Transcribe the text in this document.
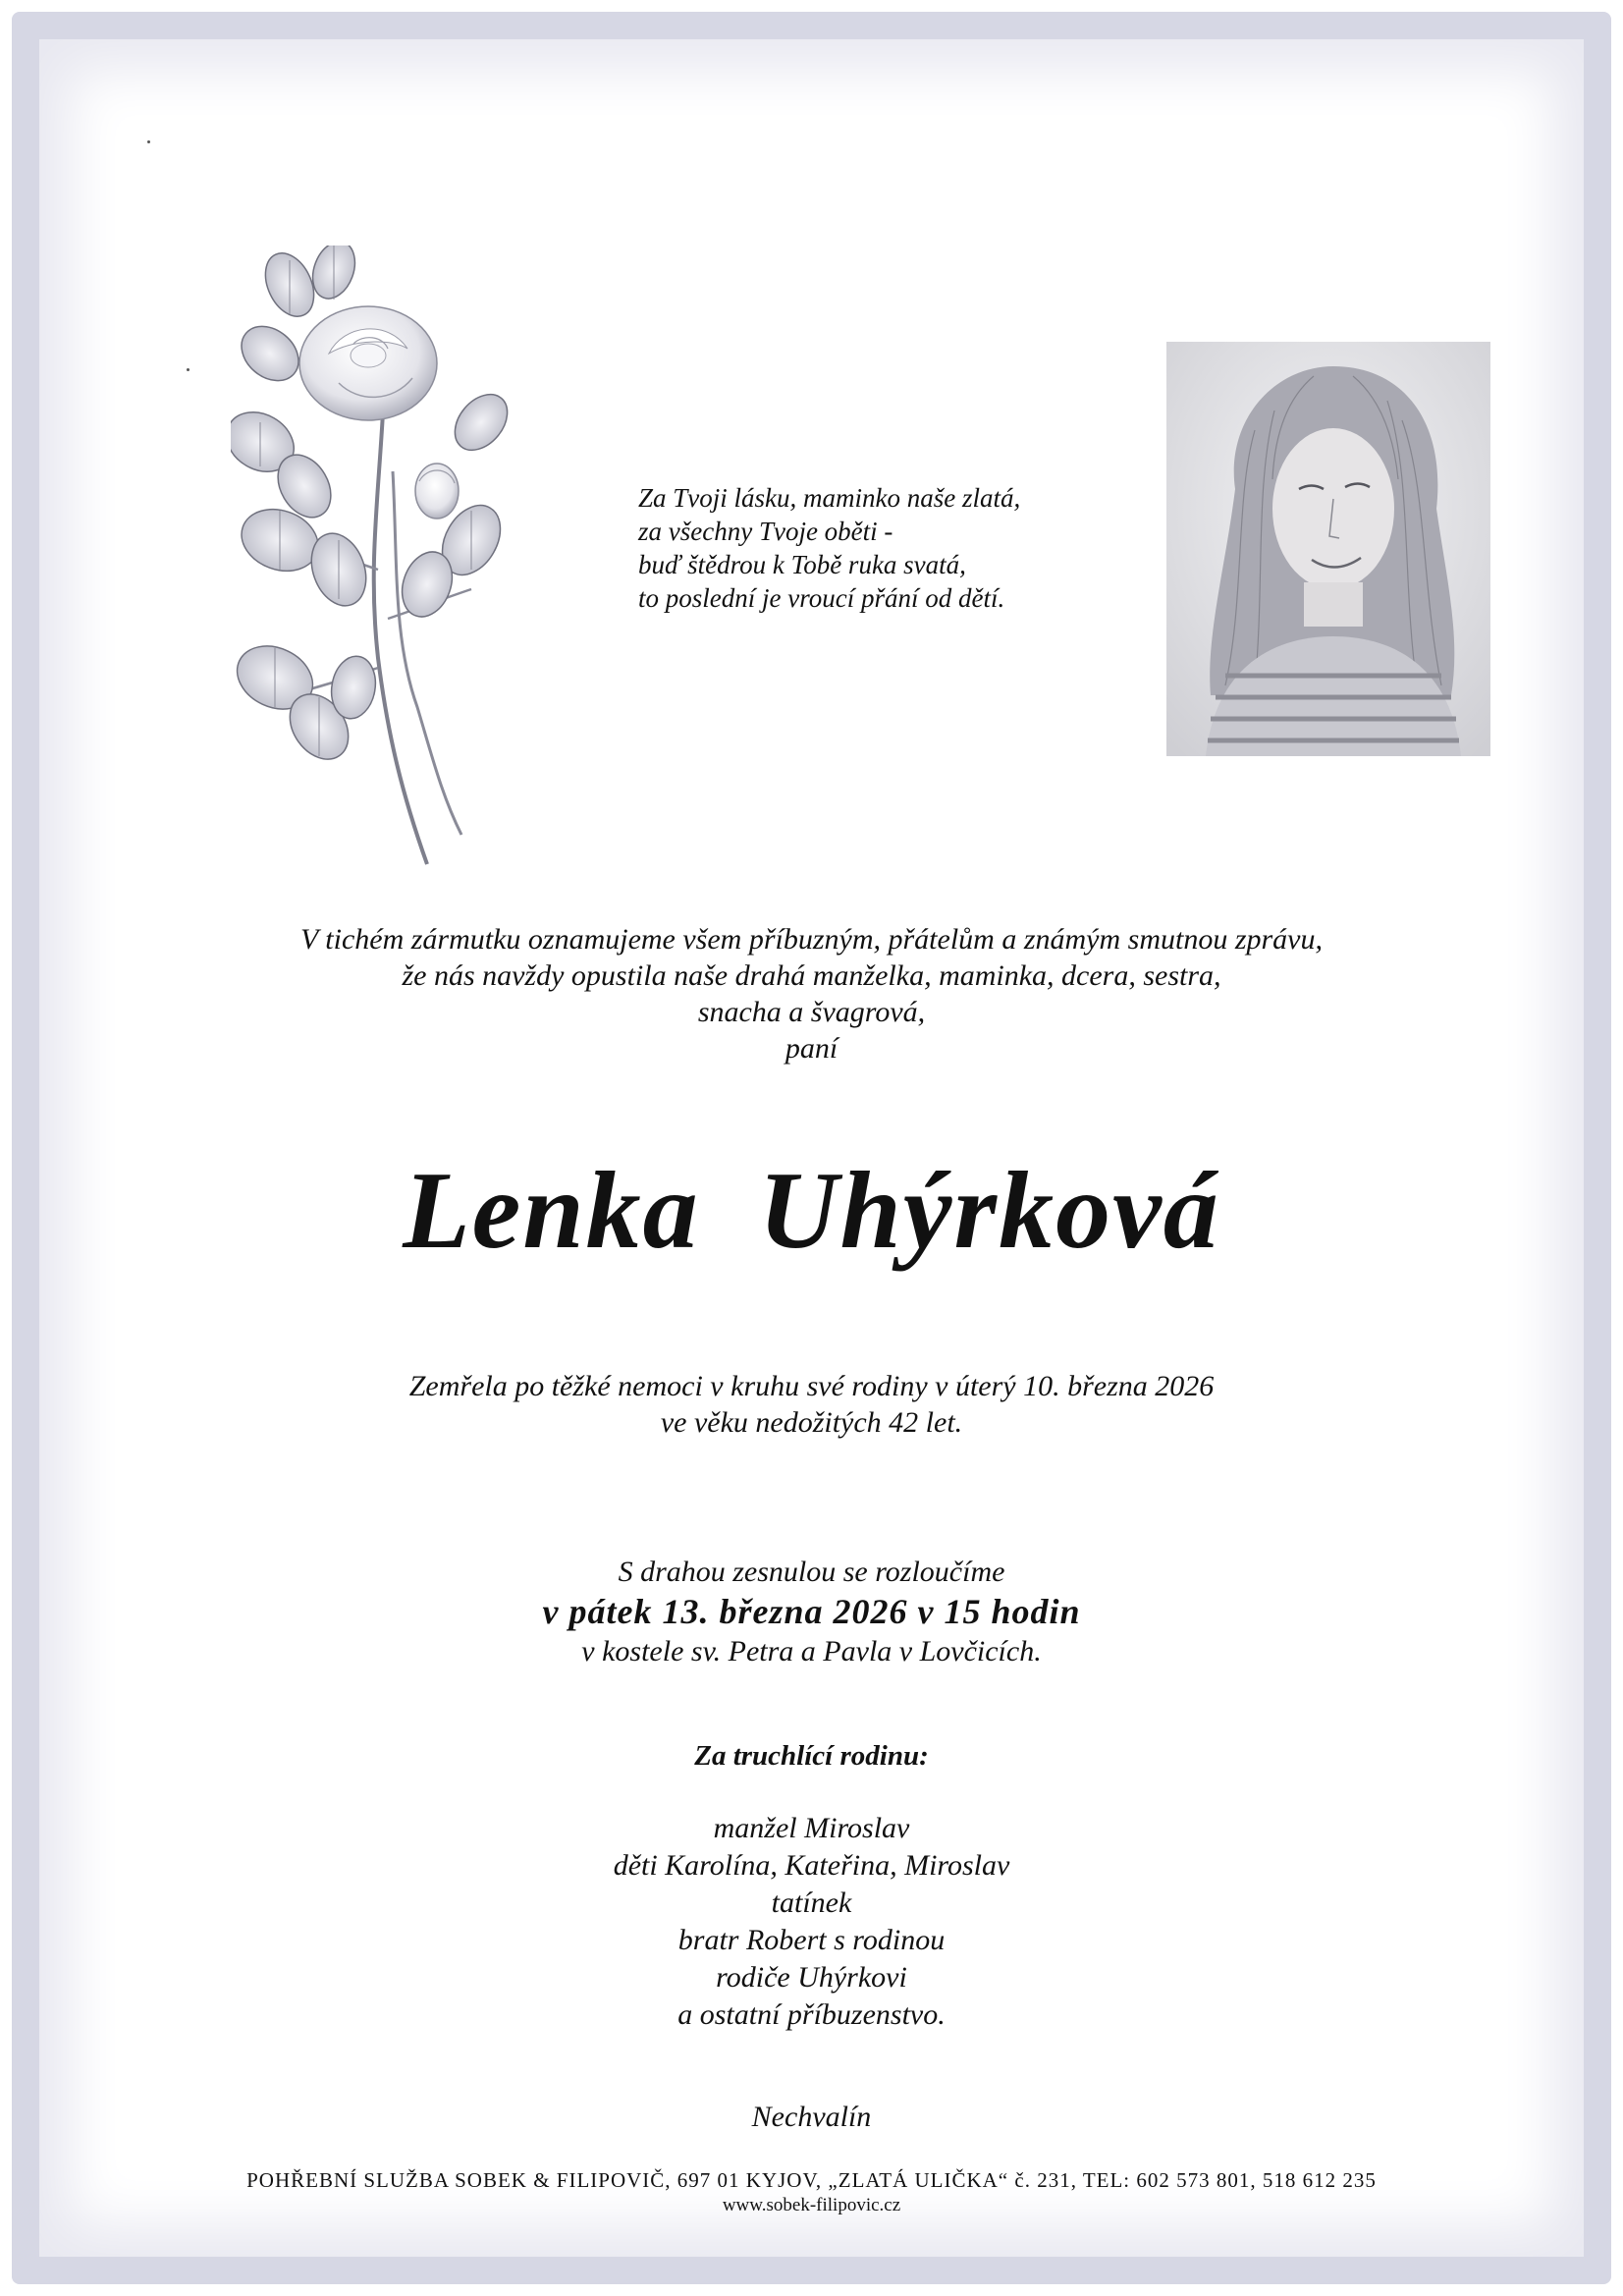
Za Tvoji lásku, maminko naše zlatá,
za všechny Tvoje oběti -
buď štědrou k Tobě ruka svatá,
to poslední je vroucí přání od dětí.
V tichém zármutku oznamujeme všem příbuzným, přátelům a známým smutnou zprávu,
že nás navždy opustila naše drahá manželka, maminka, dcera, sestra,
snacha a švagrová,
paní
Lenka  Uhýrková
Zemřela po těžké nemoci v kruhu své rodiny v úterý 10. března 2026
ve věku nedožitých 42 let.
S drahou zesnulou se rozloučíme
v pátek 13. března 2026 v 15 hodin
v kostele sv. Petra a Pavla v Lovčicích.
Za truchlící rodinu:
manžel Miroslav
děti Karolína, Kateřina, Miroslav
tatínek
bratr Robert s rodinou
rodiče Uhýrkovi
a ostatní příbuzenstvo.
Nechvalín
POHŘEBNÍ SLUŽBA SOBEK & FILIPOVIČ, 697 01 KYJOV, „ZLATÁ ULIČKA“ č. 231, TEL: 602 573 801, 518 612 235
www.sobek-filipovic.cz
